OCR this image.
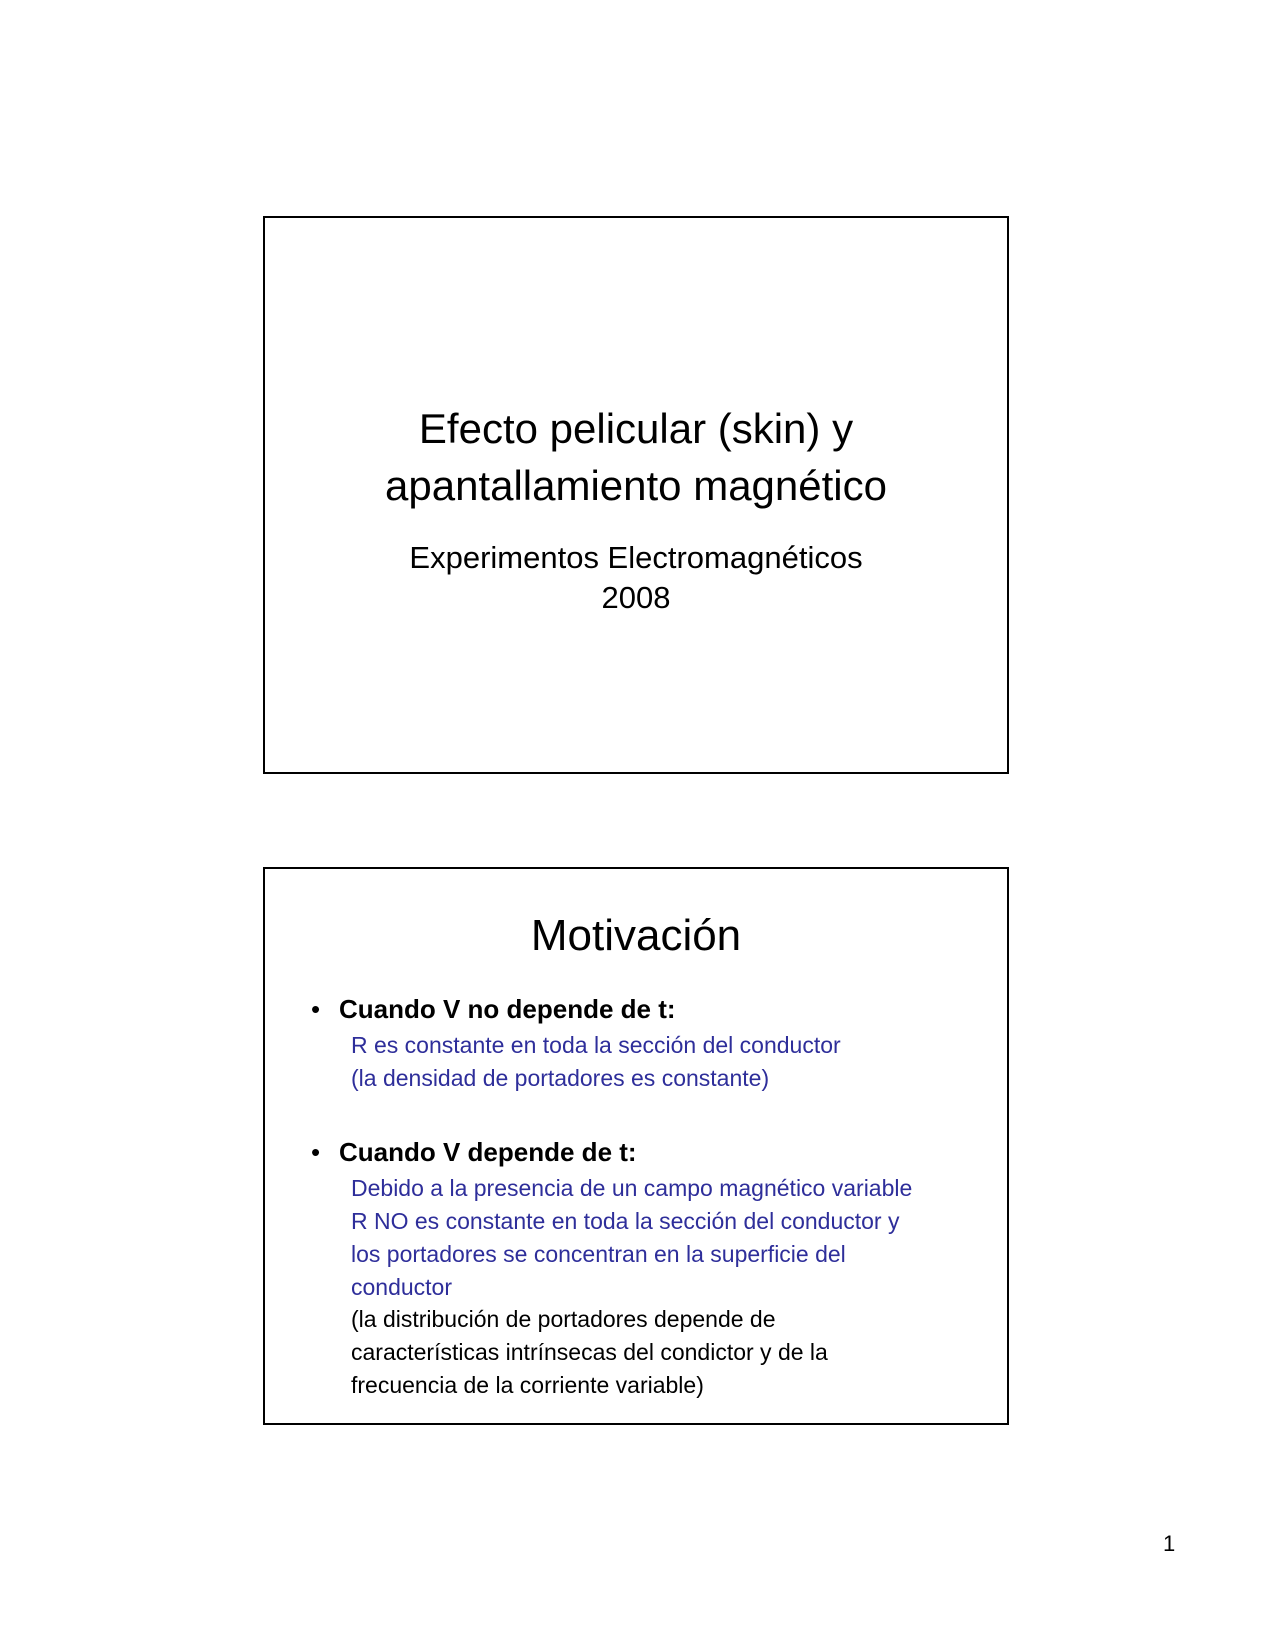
Efecto pelicular (skin) y
apantallamiento magnético
Experimentos Electromagnéticos
2008
Motivación
• Cuando V no depende de t:
R es constante en toda la sección del conductor
(la densidad de portadores es constante)
• Cuando V depende de t:
Debido a la presencia de un campo magnético variable
R NO es constante en toda la sección del conductor y
los portadores se concentran en la superficie del
conductor
(la distribución de portadores depende de
características intrínsecas del condictor y de la
frecuencia de la corriente variable)
1
